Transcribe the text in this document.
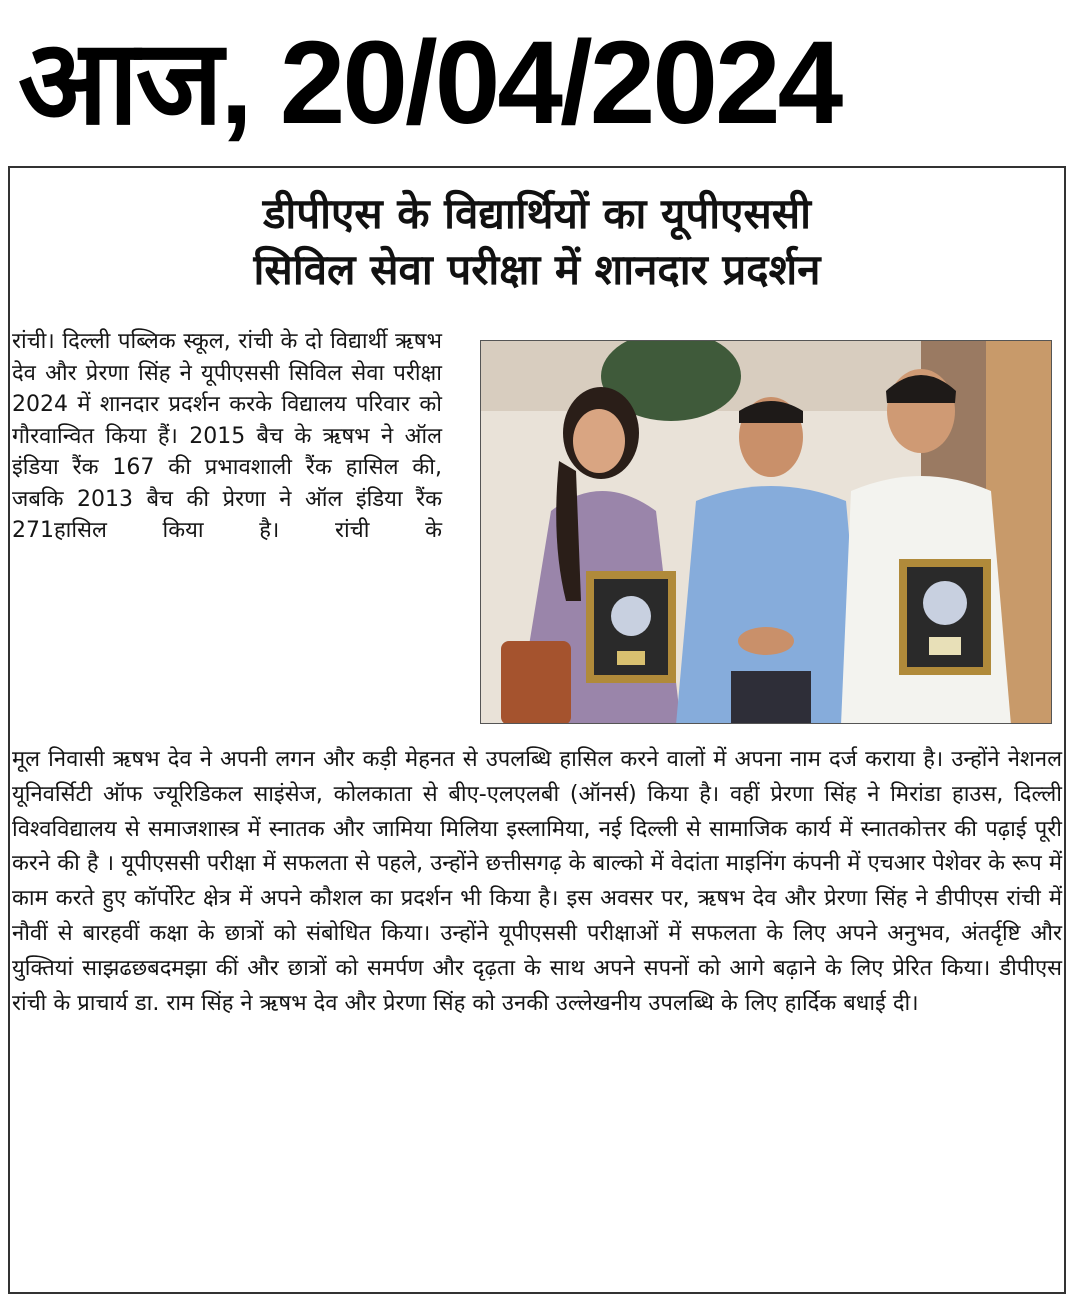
आज, 20/04/2024
डीपीएस के विद्यार्थियों का यूपीएससी
सिविल सेवा परीक्षा में शानदार प्रदर्शन

रांची। दिल्ली पब्लिक स्कूल, रांची के दो विद्यार्थी ऋषभ देव और प्रेरणा सिंह ने यूपीएससी सिविल सेवा परीक्षा 2024 में शानदार प्रदर्शन करके विद्यालय परिवार को गौरवान्वित किया हैं। 2015 बैच के ऋषभ ने ऑल इंडिया रैंक 167 की प्रभावशाली रैंक हासिल की, जबकि 2013 बैच की प्रेरणा ने ऑल इंडिया रैंक 271हासिल किया है। रांची के

मूल निवासी ऋषभ देव ने अपनी लगन और कड़ी मेहनत से उपलब्धि हासिल करने वालों में अपना नाम दर्ज कराया है। उन्होंने नेशनल यूनिवर्सिटी ऑफ ज्यूरिडिकल साइंसेज, कोलकाता से बीए-एलएलबी (ऑनर्स) किया है। वहीं प्रेरणा सिंह ने मिरांडा हाउस, दिल्ली विश्वविद्यालय से समाजशास्त्र में स्नातक और जामिया मिलिया इस्लामिया, नई दिल्ली से सामाजिक कार्य में स्नातकोत्तर की पढ़ाई पूरी करने की है । यूपीएससी परीक्षा में सफलता से पहले, उन्होंने छत्तीसगढ़ के बाल्को में वेदांता माइनिंग कंपनी में एचआर पेशेवर के रूप में काम करते हुए कॉर्पोरेट क्षेत्र में अपने कौशल का प्रदर्शन भी किया है। इस अवसर पर, ऋषभ देव और प्रेरणा सिंह ने डीपीएस रांची में नौवीं से बारहवीं कक्षा के छात्रों को संबोधित किया। उन्होंने यूपीएससी परीक्षाओं में सफलता के लिए अपने अनुभव, अंतर्दृष्टि और युक्तियां साझढछबदमझा कीं और छात्रों को समर्पण और दृढ़ता के साथ अपने सपनों को आगे बढ़ाने के लिए प्रेरित किया। डीपीएस रांची के प्राचार्य डा. राम सिंह ने ऋषभ देव और प्रेरणा सिंह को उनकी उल्लेखनीय उपलब्धि के लिए हार्दिक बधाई दी।
